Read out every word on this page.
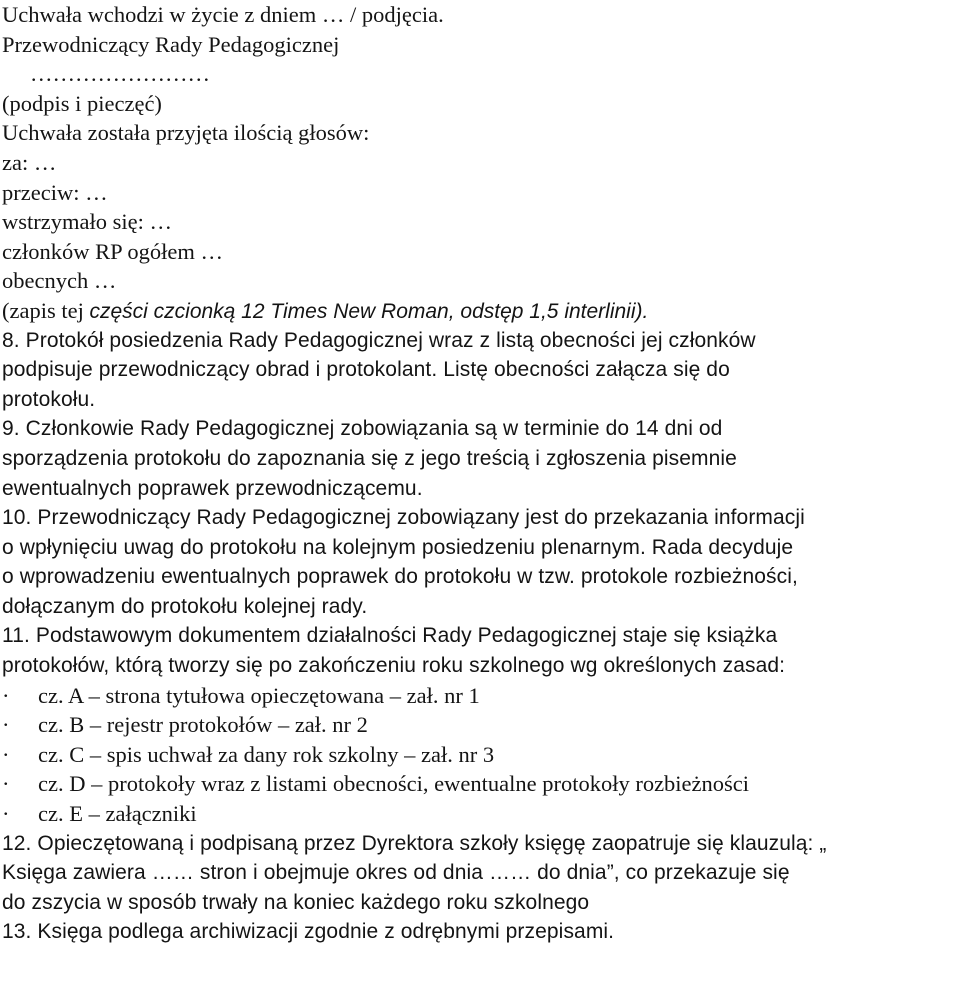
Uchwała wchodzi w życie z dniem … / podjęcia.
Przewodniczący Rady Pedagogicznej
……………………
(podpis i pieczęć)
Uchwała została przyjęta ilością głosów:
za: …
przeciw: …
wstrzymało się: …
członków RP ogółem …
obecnych …
(zapis tej części czcionką 12 Times New Roman, odstęp 1,5 interlinii).
8. Protokół posiedzenia Rady Pedagogicznej wraz z listą obecności jej członków
podpisuje przewodniczący obrad i protokolant. Listę obecności załącza się do
protokołu.
9. Członkowie Rady Pedagogicznej zobowiązania są w terminie do 14 dni od
sporządzenia protokołu do zapoznania się z jego treścią i zgłoszenia pisemnie
ewentualnych poprawek przewodniczącemu.
10. Przewodniczący Rady Pedagogicznej zobowiązany jest do przekazania informacji
o wpłynięciu uwag do protokołu na kolejnym posiedzeniu plenarnym. Rada decyduje
o wprowadzeniu ewentualnych poprawek do protokołu w tzw. protokole rozbieżności,
dołączanym do protokołu kolejnej rady.
11. Podstawowym dokumentem działalności Rady Pedagogicznej staje się książka
protokołów, którą tworzy się po zakończeniu roku szkolnego wg określonych zasad:
·	cz. A – strona tytułowa opieczętowana – zał. nr 1
·	cz. B – rejestr protokołów – zał. nr 2
·	cz. C – spis uchwał za dany rok szkolny – zał. nr 3
·	cz. D – protokoły wraz z listami obecności, ewentualne protokoły rozbieżności
·	cz. E – załączniki
12. Opieczętowaną i podpisaną przez Dyrektora szkoły księgę zaopatruje się klauzulą: „
Księga zawiera …… stron i obejmuje okres od dnia …… do dnia”, co przekazuje się
do zszycia w sposób trwały na koniec każdego roku szkolnego
13. Księga podlega archiwizacji zgodnie z odrębnymi przepisami.
